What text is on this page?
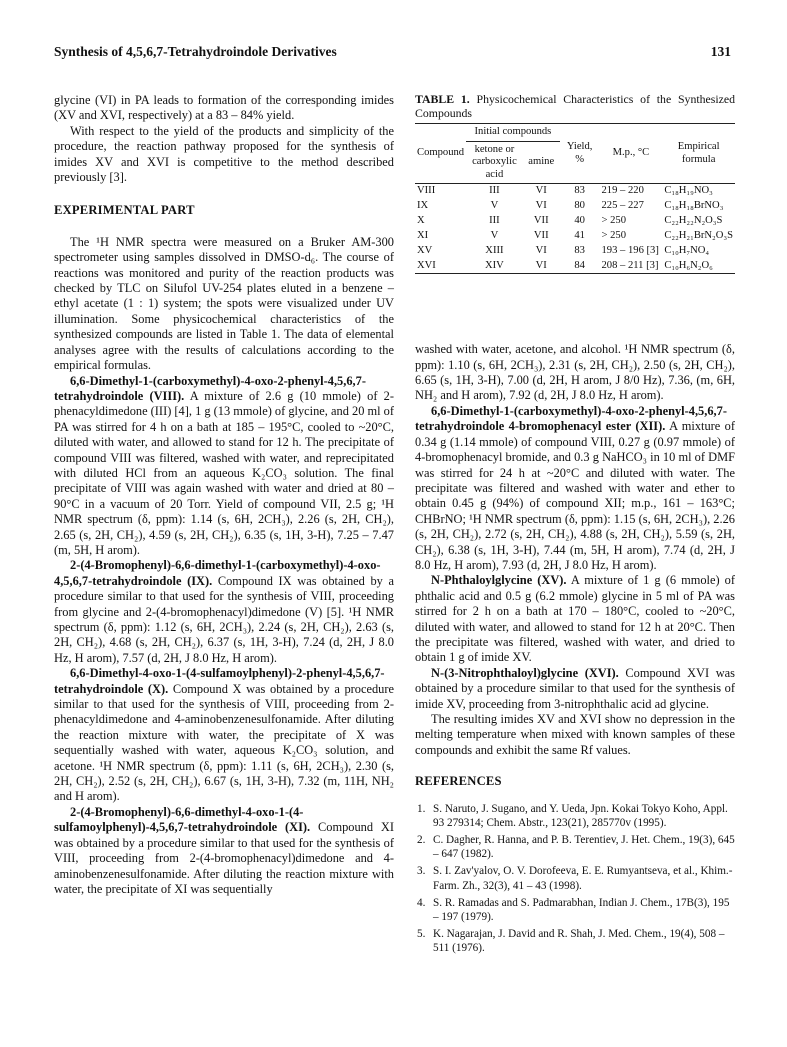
Synthesis of 4,5,6,7-Tetrahydroindole Derivatives	131

glycine (VI) in PA leads to formation of the corresponding imides (XV and XVI, respectively) at a 83 – 84% yield.

With respect to the yield of the products and simplicity of the procedure, the reaction pathway proposed for the synthesis of imides XV and XVI is competitive to the method described previously [3].

EXPERIMENTAL PART

The ¹H NMR spectra were measured on a Bruker AM-300 spectrometer using samples dissolved in DMSO-d₆. The course of reactions was monitored and purity of the reaction products was checked by TLC on Silufol UV-254 plates eluted in a benzene – ethyl acetate (1 : 1) system; the spots were visualized under UV illumination. Some physicochemical characteristics of the synthesized compounds are listed in Table 1. The data of elemental analyses agree with the results of calculations according to the empirical formulas.

6,6-Dimethyl-1-(carboxymethyl)-4-oxo-2-phenyl-4,5,6,7-tetrahydroindole (VIII). A mixture of 2.6 g (10 mmole) of 2-phenacyldimedone (III) [4], 1 g (13 mmole) of glycine, and 20 ml of PA was stirred for 4 h on a bath at 185 – 195°C, cooled to ~20°C, diluted with water, and allowed to stand for 12 h. The precipitate of compound VIII was filtered, washed with water, and reprecipitated with diluted HCl from an aqueous K₂CO₃ solution. The final precipitate of VIII was again washed with water and dried at 80 – 90°C in a vacuum of 20 Torr. Yield of compound VII, 2.5 g; ¹H NMR spectrum (δ, ppm): 1.14 (s, 6H, 2CH₃), 2.26 (s, 2H, CH₂), 2.65 (s, 2H, CH₂), 4.59 (s, 2H, CH₂), 6.35 (s, 1H, 3-H), 7.25 – 7.47 (m, 5H, H arom).

2-(4-Bromophenyl)-6,6-dimethyl-1-(carboxymethyl)-4-oxo-4,5,6,7-tetrahydroindole (IX). Compound IX was obtained by a procedure similar to that used for the synthesis of VIII, proceeding from glycine and 2-(4-bromophenacyl)dimedone (V) [5]. ¹H NMR spectrum (δ, ppm): 1.12 (s, 6H, 2CH₃), 2.24 (s, 2H, CH₂), 2.63 (s, 2H, CH₂), 4.68 (s, 2H, CH₂), 6.37 (s, 1H, 3-H), 7.24 (d, 2H, J 8.0 Hz, H arom), 7.57 (d, 2H, J 8.0 Hz, H arom).

6,6-Dimethyl-4-oxo-1-(4-sulfamoylphenyl)-2-phenyl-4,5,6,7-tetrahydroindole (X). Compound X was obtained by a procedure similar to that used for the synthesis of VIII, proceeding from 2-phenacyldimedone and 4-aminobenzenesulfonamide. After diluting the reaction mixture with water, the precipitate of X was sequentially washed with water, aqueous K₂CO₃ solution, and acetone. ¹H NMR spectrum (δ, ppm): 1.11 (s, 6H, 2CH₃), 2.30 (s, 2H, CH₂), 2.52 (s, 2H, CH₂), 6.67 (s, 1H, 3-H), 7.32 (m, 11H, NH₂ and H arom).

2-(4-Bromophenyl)-6,6-dimethyl-4-oxo-1-(4-sulfamoylphenyl)-4,5,6,7-tetrahydroindole (XI). Compound XI was obtained by a procedure similar to that used for the synthesis of VIII, proceeding from 2-(4-bromophenacyl)dimedone and 4-aminobenzenesulfonamide. After diluting the reaction mixture with water, the precipitate of XI was sequentially

TABLE 1. Physicochemical Characteristics of the Synthesized Compounds
Compound	Initial compounds		Yield, %	M.p., °C	Empirical formula
	ketone or carboxylic acid	amine			
VIII	III	VI	83	219 – 220	C₁₈H₁₉NO₃
IX	V	VI	80	225 – 227	C₁₈H₁₈BrNO₃
X	III	VII	40	> 250	C₂₂H₂₂N₂O₃S
XI	V	VII	41	> 250	C₂₂H₂₁BrN₂O₃S
XV	XIII	VI	83	193 – 196 [3]	C₁₀H₇NO₄
XVI	XIV	VI	84	208 – 211 [3]	C₁₀H₆N₂O₆

washed with water, acetone, and alcohol. ¹H NMR spectrum (δ, ppm): 1.10 (s, 6H, 2CH₃), 2.31 (s, 2H, CH₂), 2.50 (s, 2H, CH₂), 6.65 (s, 1H, 3-H), 7.00 (d, 2H, H arom, J 8/0 Hz), 7.36, (m, 6H, NH₂ and H arom), 7.92 (d, 2H, J 8.0 Hz, H arom).

6,6-Dimethyl-1-(carboxymethyl)-4-oxo-2-phenyl-4,5,6,7-tetrahydroindole 4-bromophenacyl ester (XII). A mixture of 0.34 g (1.14 mmole) of compound VIII, 0.27 g (0.97 mmole) of 4-bromophenacyl bromide, and 0.3 g NaHCO₃ in 10 ml of DMF was stirred for 24 h at ~20°C and diluted with water. The precipitate was filtered and washed with water and ether to obtain 0.45 g (94%) of compound XII; m.p., 161 – 163°C; CHBrNO; ¹H NMR spectrum (δ, ppm): 1.15 (s, 6H, 2CH₃), 2.26 (s, 2H, CH₂), 2.72 (s, 2H, CH₂), 4.88 (s, 2H, CH₂), 5.59 (s, 2H, CH₂), 6.38 (s, 1H, 3-H), 7.44 (m, 5H, H arom), 7.74 (d, 2H, J 8.0 Hz, H arom), 7.93 (d, 2H, J 8.0 Hz, H arom).

N-Phthaloylglycine (XV). A mixture of 1 g (6 mmole) of phthalic acid and 0.5 g (6.2 mmole) glycine in 5 ml of PA was stirred for 2 h on a bath at 170 – 180°C, cooled to ~20°C, diluted with water, and allowed to stand for 12 h at 20°C. Then the precipitate was filtered, washed with water, and dried to obtain 1 g of imide XV.

N-(3-Nitrophthaloyl)glycine (XVI). Compound XVI was obtained by a procedure similar to that used for the synthesis of imide XV, proceeding from 3-nitrophthalic acid ad glycine.

The resulting imides XV and XVI show no depression in the melting temperature when mixed with known samples of these compounds and exhibit the same Rf values.

REFERENCES
1. S. Naruto, J. Sugano, and Y. Ueda, Jpn. Kokai Tokyo Koho, Appl. 93 279314; Chem. Abstr., 123(21), 285770v (1995).
2. C. Dagher, R. Hanna, and P. B. Terentiev, J. Het. Chem., 19(3), 645 – 647 (1982).
3. S. I. Zav'yalov, O. V. Dorofeeva, E. E. Rumyantseva, et al., Khim.-Farm. Zh., 32(3), 41 – 43 (1998).
4. S. R. Ramadas and S. Padmarabhan, Indian J. Chem., 17B(3), 195 – 197 (1979).
5. K. Nagarajan, J. David and R. Shah, J. Med. Chem., 19(4), 508 – 511 (1976).
